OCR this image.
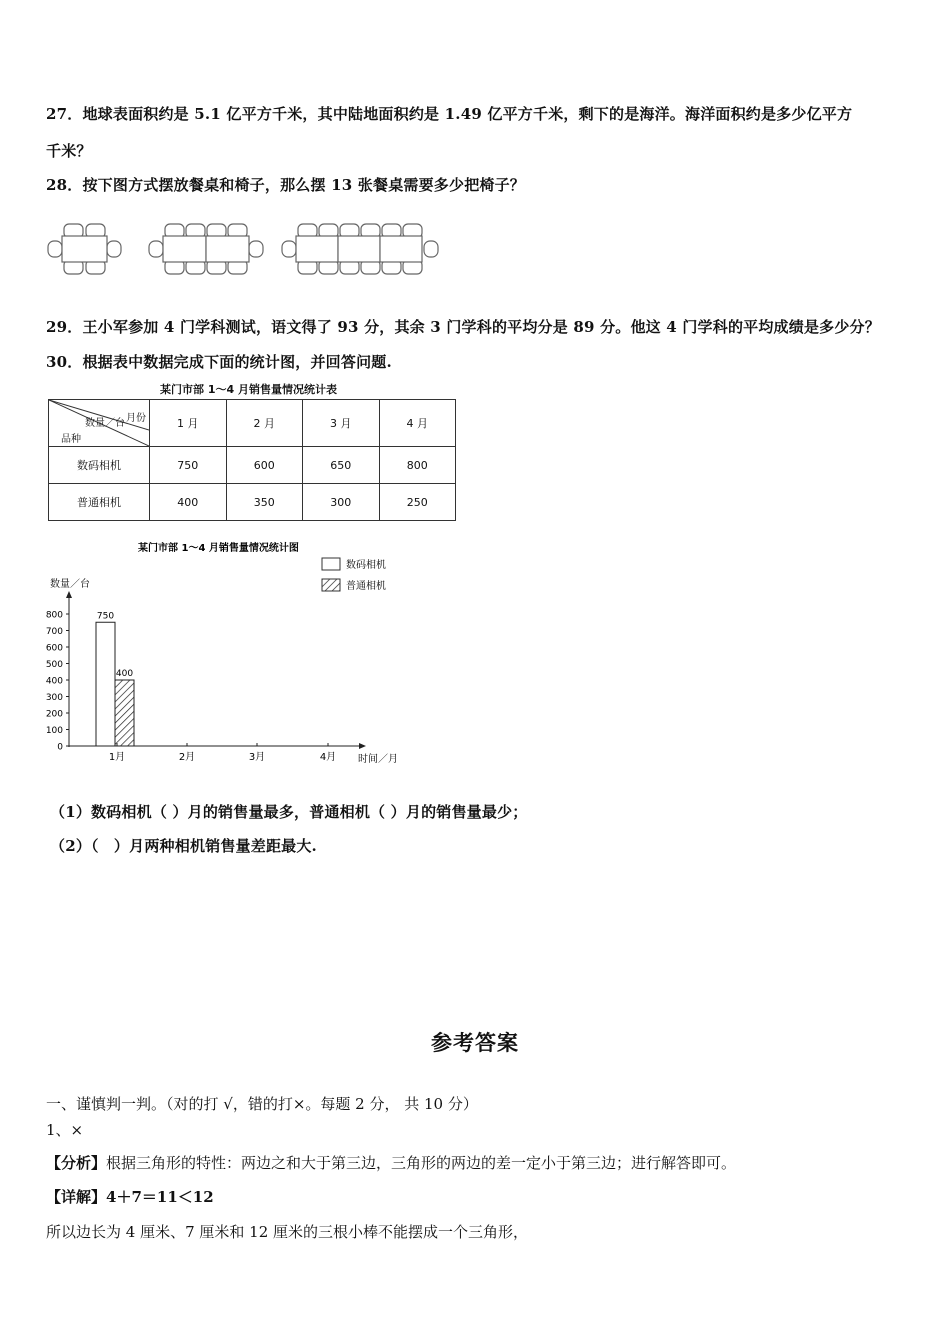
27．地球表面积约是 5.1 亿平方千米，其中陆地面积约是 1.49 亿平方千米，剩下的是海洋。海洋面积约是多少亿平方
千米？
28．按下图方式摆放餐桌和椅子，那么摆 13 张餐桌需要多少把椅子？
29．王小军参加 4 门学科测试，语文得了 93 分，其余 3 门学科的平均分是 89 分。他这 4 门学科的平均成绩是多少分？
30．根据表中数据完成下面的统计图，并回答问题.
某门市部 1～4 月销售量情况统计表
月份
数量／台
品种	1 月	2 月	3 月	4 月
数码相机	750	600	650	800
普通相机	400	350	300	250
某门市部 1～4 月销售量情况统计图
数量／台
数码相机
普通相机
时间／月
0
100
200
300
400
500
600
700
800
1月	2月	3月	4月
750
400
（1）数码相机（ ）月的销售量最多，普通相机（ ）月的销售量最少；
（2）（　）月两种相机销售量差距最大.
参考答案
一、谨慎判一判。（对的打 √，错的打×。每题 2 分， 共 10 分）
1、×
【分析】根据三角形的特性：两边之和大于第三边，三角形的两边的差一定小于第三边；进行解答即可。
【详解】4＋7＝11＜12
所以边长为 4 厘米、7 厘米和 12 厘米的三根小棒不能摆成一个三角形，
